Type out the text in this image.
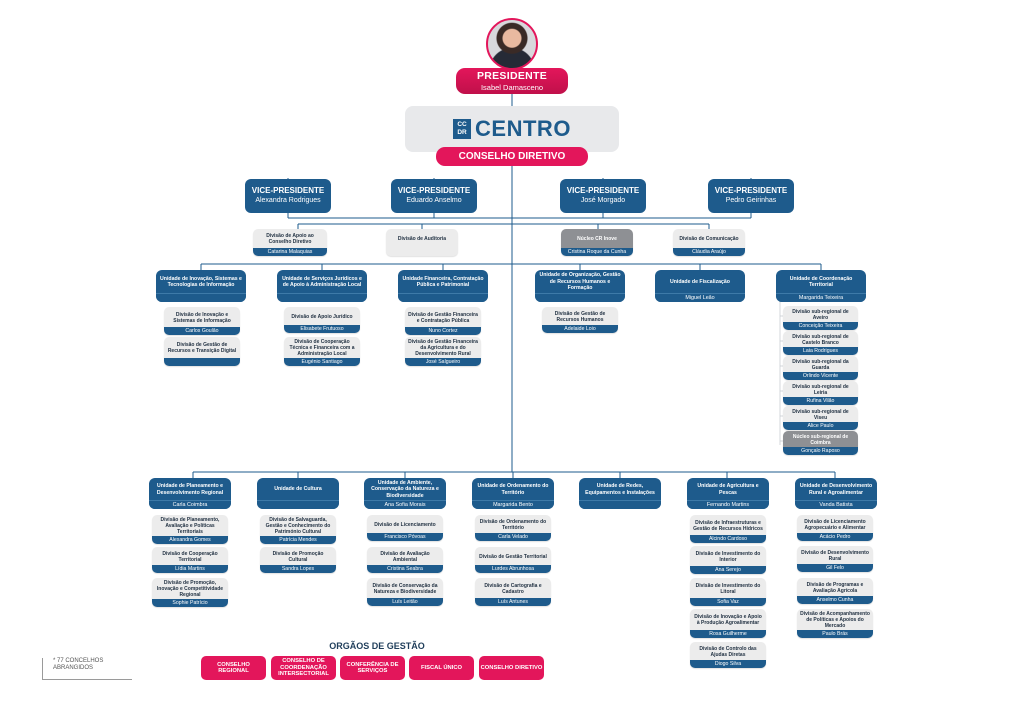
PRESIDENTE
Isabel Damasceno
CC DR CENTRO
CONSELHO DIRETIVO
VICE-PRESIDENTE
Alexandra Rodrigues
VICE-PRESIDENTE
Eduardo Anselmo
VICE-PRESIDENTE
José Morgado
VICE-PRESIDENTE
Pedro Geirinhas
Divisão de Apoio ao Conselho Diretivo
Catarina Malaquias
Divisão de Auditoria	Núcleo CR Inove
Cristina Roque da Cunha
Divisão de Comunicação
Cláudia Araújo
Unidade de Inovação, Sistemas e Tecnologias de Informação
Unidade de Serviços Jurídicos e de Apoio à Administração Local
Unidade Financeira, Contratação Pública e Patrimonial
Unidade de Organização, Gestão de Recursos Humanos e Formação
Unidade de Fiscalização
Miguel Leão
Unidade de Coordenação Territorial
Margarida Teixeira
Divisão de Inovação e Sistemas de Informação
Carlos Goulão
Divisão de Gestão de Recursos e Transição Digital
Divisão de Apoio Jurídico
Elisabete Frutuoso
Divisão de Cooperação Técnica e Financeira com a Administração Local
Eugénio Santiago
Divisão de Gestão Financeira e Contratação Pública
Nuno Cortez
Divisão de Gestão Financeira da Agricultura e do Desenvolvimento Rural
José Salgueiro
Divisão de Gestão de Recursos Humanos
Adelaide Loio
Divisão sub-regional de Aveiro
Conceição Teixeira
Divisão sub-regional de Castelo Branco
Laia Rodrigues
Divisão sub-regional da Guarda
Orlindo Vicente
Divisão sub-regional de Leiria
Rufina Vilão
Divisão sub-regional de Viseu
Alice Paulo
Núcleo sub-regional de Coimbra
Gonçalo Raposo
Unidade de Planeamento e Desenvolvimento Regional
Carla Coimbra
Unidade de Cultura
Unidade de Ambiente, Conservação da Natureza e Biodiversidade
Ana Sofia Morais
Unidade de Ordenamento do Território
Margarida Bento
Unidade de Redes, Equipamentos e Instalações
Unidade de Agricultura e Pescas
Fernando Martins
Unidade de Desenvolvimento Rural e Agroalimentar
Vanda Batista
Divisão de Planeamento, Avaliação e Políticas Territoriais
Alexandra Gomes
Divisão de Cooperação Territorial
Lídia Martins
Divisão de Promoção, Inovação e Competitividade Regional
Sophie Patrício
Divisão de Salvaguarda, Gestão e Conhecimento do Património Cultural
Patrícia Mendes
Divisão de Promoção Cultural
Sandra Lopes
Divisão de Licenciamento
Francisco Póvoas
Divisão de Avaliação Ambiental
Cristina Seabra
Divisão de Conservação da Natureza e Biodiversidade
Luís Leitão
Divisão de Ordenamento do Território
Carla Velado
Divisão de Gestão Territorial
Lurdes Abrunhosa
Divisão de Cartografia e Cadastro
Luís Antunes
Divisão de Infraestruturas e Gestão de Recursos Hídricos
Alcindo Cardoso
Divisão de Investimento do Interior
Ana Serejo
Divisão de Investimento do Litoral
Sofia Vaz
Divisão de Inovação e Apoio à Produção Agroalimentar
Rosa Guilherme
Divisão de Controlo das Ajudas Diretas
Diogo Silva
Divisão de Licenciamento Agropecuário e Alimentar
Acácio Pedro
Divisão de Desenvolvimento Rural
Gil Felo
Divisão de Programas e Avaliação Agrícola
Anselmo Cunha
Divisão de Acompanhamento de Políticas e Apoios do Mercado
Paulo Brás
ORGÃOS DE GESTÃO
CONSELHO REGIONAL
CONSELHO DE COORDENAÇÃO INTERSECTORIAL
CONFERÊNCIA DE SERVIÇOS
FISCAL ÚNICO	CONSELHO DIRETIVO
* 77 CONCELHOS ABRANGIDOS
